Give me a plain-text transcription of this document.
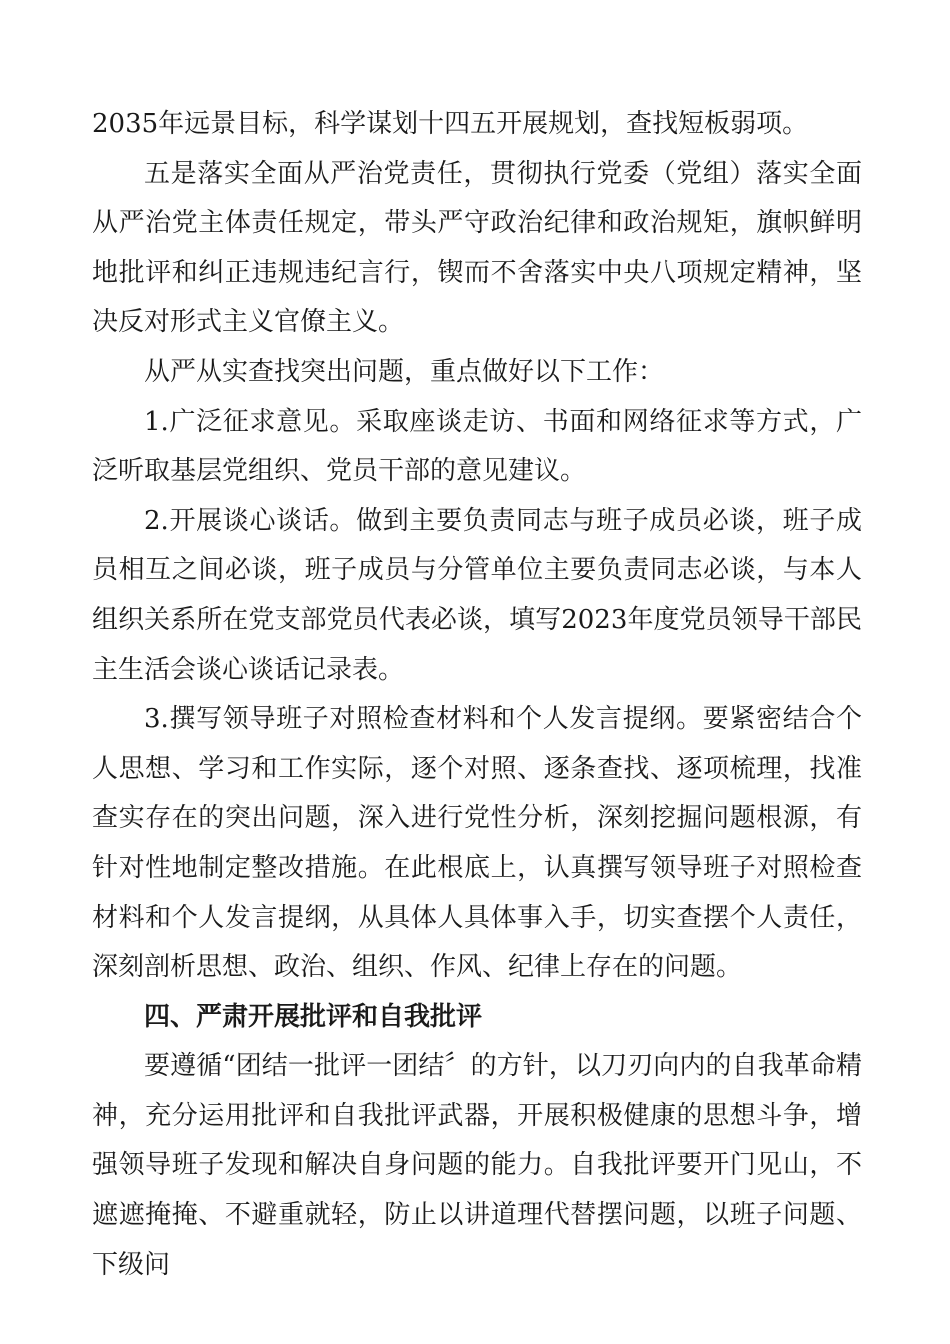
2035年远景目标，科学谋划十四五开展规划，查找短板弱项。

五是落实全面从严治党责任，贯彻执行党委（党组）落实全面从严治党主体责任规定，带头严守政治纪律和政治规矩，旗帜鲜明地批评和纠正违规违纪言行，锲而不舍落实中央八项规定精神，坚决反对形式主义官僚主义。

从严从实查找突出问题，重点做好以下工作：

1.广泛征求意见。采取座谈走访、书面和网络征求等方式，广泛听取基层党组织、党员干部的意见建议。

2.开展谈心谈话。做到主要负责同志与班子成员必谈，班子成员相互之间必谈，班子成员与分管单位主要负责同志必谈，与本人组织关系所在党支部党员代表必谈，填写2023年度党员领导干部民主生活会谈心谈话记录表。

3.撰写领导班子对照检查材料和个人发言提纲。要紧密结合个人思想、学习和工作实际，逐个对照、逐条查找、逐项梳理，找准查实存在的突出问题，深入进行党性分析，深刻挖掘问题根源，有针对性地制定整改措施。在此根底上，认真撰写领导班子对照检查材料和个人发言提纲，从具体人具体事入手，切实查摆个人责任，深刻剖析思想、政治、组织、作风、纪律上存在的问题。

四、严肃开展批评和自我批评

要遵循“团结一批评一团结〞的方针，以刀刃向内的自我革命精神，充分运用批评和自我批评武器，开展积极健康的思想斗争，增强领导班子发现和解决自身问题的能力。自我批评要开门见山，不遮遮掩掩、不避重就轻，防止以讲道理代替摆问题，以班子问题、下级问
